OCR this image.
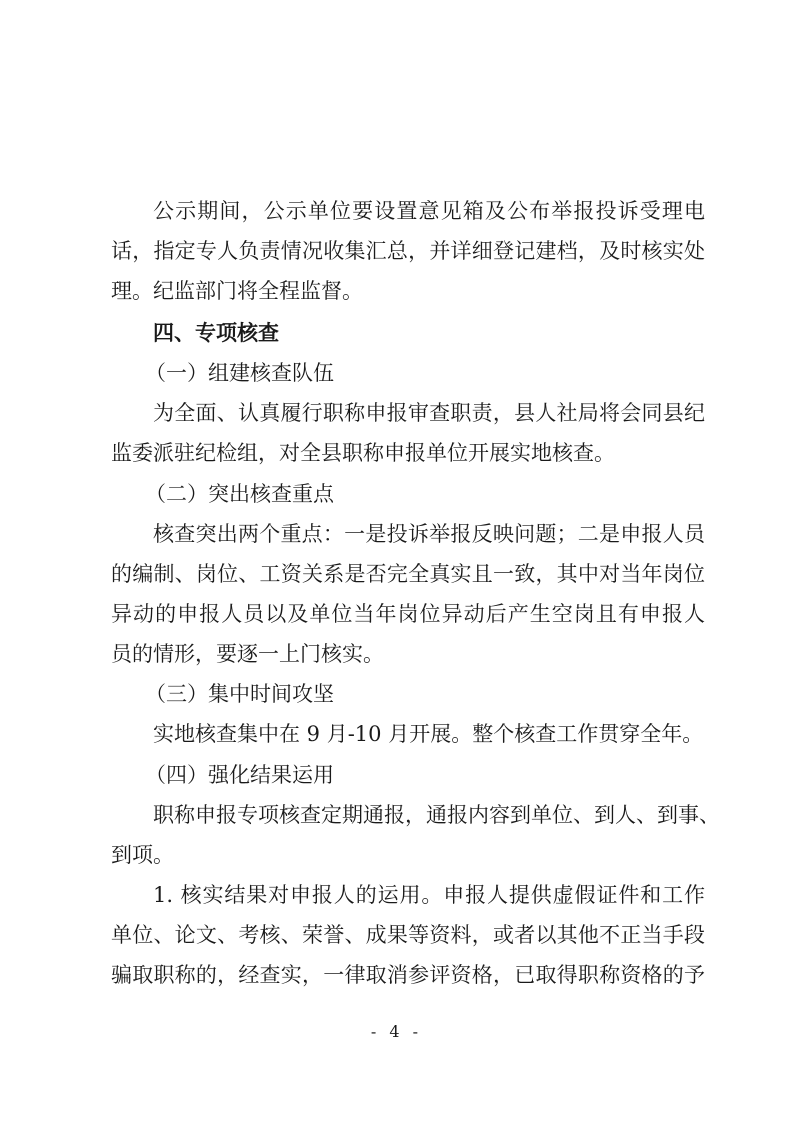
公示期间，公示单位要设置意见箱及公布举报投诉受理电
话，指定专人负责情况收集汇总，并详细登记建档，及时核实处
理。纪监部门将全程监督。
四、专项核查
（一）组建核查队伍
为全面、认真履行职称申报审查职责，县人社局将会同县纪
监委派驻纪检组，对全县职称申报单位开展实地核查。
（二）突出核查重点
核查突出两个重点：一是投诉举报反映问题；二是申报人员
的编制、岗位、工资关系是否完全真实且一致，其中对当年岗位
异动的申报人员以及单位当年岗位异动后产生空岗且有申报人
员的情形，要逐一上门核实。
（三）集中时间攻坚
实地核查集中在 9 月-10 月开展。整个核查工作贯穿全年。
（四）强化结果运用
职称申报专项核查定期通报，通报内容到单位、到人、到事、
到项。
1. 核实结果对申报人的运用。申报人提供虚假证件和工作
单位、论文、考核、荣誉、成果等资料，或者以其他不正当手段
骗取职称的，经查实，一律取消参评资格，已取得职称资格的予
- 4 -
